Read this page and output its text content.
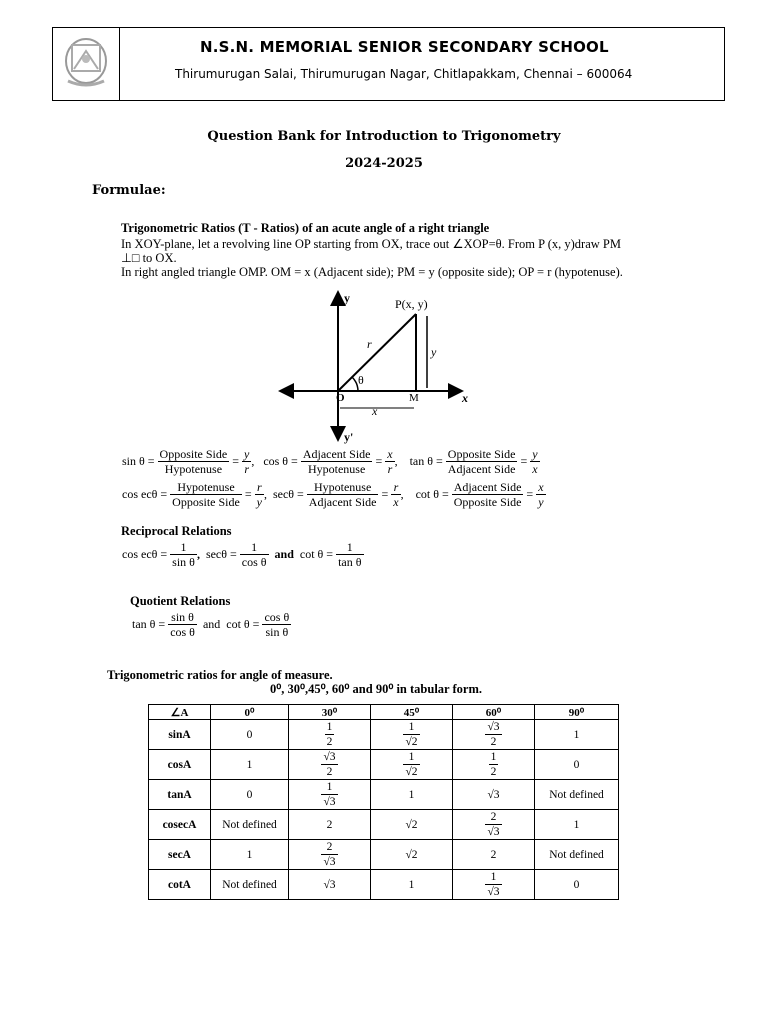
N.S.N. MEMORIAL SENIOR SECONDARY SCHOOL
Thirumurugan Salai, Thirumurugan Nagar, Chitlapakkam, Chennai – 600064
Question Bank for Introduction to Trigonometry
2024-2025
Formulae:
Trigonometric Ratios (T - Ratios) of an acute angle of a right triangle
In XOY-plane, let a revolving line OP starting from OX, trace out ∠XOP=θ. From P (x, y)draw PM
⊥□ to OX.
In right angled triangle OMP. OM = x (Adjacent side); PM = y (opposite side); OP = r (hypotenuse).
y
y'
x
P(x, y)
r
θ
O	M
y
x
$\sin \theta = \frac{\text{Opposite Side}}{\text{Hypotenuse}} = \frac{y}{r}$ ,   $\cos \theta = \frac{\text{Adjacent Side}}{\text{Hypotenuse}} = \frac{x}{r}$ ,    $\tan \theta = \frac{\text{Opposite Side}}{\text{Adjacent Side}} = \frac{y}{x}$
$\cos ec\theta = \frac{\text{Hypotenuse}}{\text{Opposite Side}} = \frac{r}{y}$ ,  $\sec\theta = \frac{\text{Hypotenuse}}{\text{Adjacent Side}} = \frac{r}{x}$ ,    $\cot \theta = \frac{\text{Adjacent Side}}{\text{Opposite Side}} = \frac{x}{y}$
Reciprocal Relations
$\cos ec\theta = \frac{1}{\text{sin θ}}$ ,  $\sec\theta = \frac{1}{\text{cos θ}}$ and $\cot \theta = \frac{1}{\text{tan θ}}$
Quotient Relations
$\tan \theta = \frac{\text{sin θ}}{\text{cos θ}}$ and $\cot \theta = \frac{\text{cos θ}}{\text{sin θ}}$
Trigonometric ratios for angle of measure.
0⁰, 30⁰,45⁰, 60⁰ and 90⁰ in tabular form.
∠A	0⁰	30⁰	45⁰	60⁰	90⁰
sinA	0	$\frac{1}{2}$	$\frac{1}{√2}$	$\frac{√3}{2}$	1
cosA	1	$\frac{√3}{2}$	$\frac{1}{√2}$	$\frac{1}{2}$	0
tanA	0	$\frac{1}{√3}$	1	√3	Not defined
cosecA	Not defined	2	√2	$\frac{2}{√3}$	1
secA	1	$\frac{2}{√3}$	√2	2	Not defined
cotA	Not defined	√3	1	$\frac{1}{√3}$	0
